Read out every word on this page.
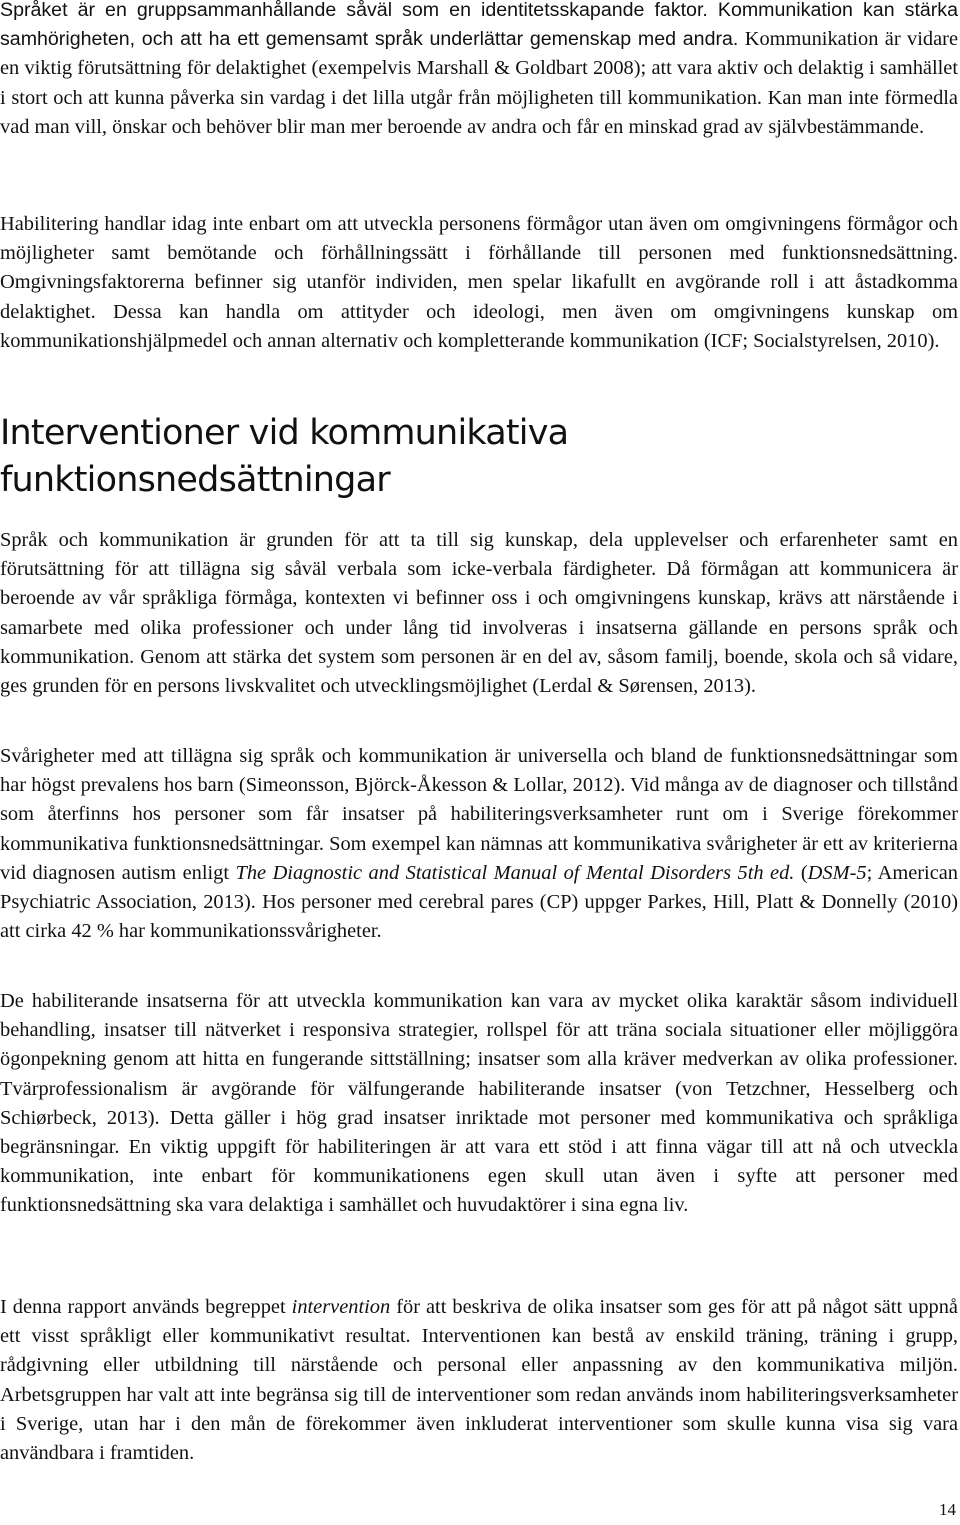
Språket är en gruppsammanhållande såväl som en identitetsskapande faktor. Kommunikation kan stärka samhörigheten, och att ha ett gemensamt språk underlättar gemenskap med andra. Kommunikation är vidare en viktig förutsättning för delaktighet (exempelvis Marshall & Goldbart 2008); att vara aktiv och delaktig i samhället i stort och att kunna påverka sin vardag i det lilla utgår från möjligheten till kommunikation. Kan man inte förmedla vad man vill, önskar och behöver blir man mer beroende av andra och får en minskad grad av självbestämmande.

Habilitering handlar idag inte enbart om att utveckla personens förmågor utan även om omgivningens förmågor och möjligheter samt bemötande och förhållningssätt i förhållande till personen med funktionsnedsättning. Omgivningsfaktorerna befinner sig utanför individen, men spelar likafullt en avgörande roll i att åstadkomma delaktighet. Dessa kan handla om attityder och ideologi, men även om omgivningens kunskap om kommunikationshjälpmedel och annan alternativ och kompletterande kommunikation (ICF; Socialstyrelsen, 2010).

Interventioner vid kommunikativa funktionsnedsättningar

Språk och kommunikation är grunden för att ta till sig kunskap, dela upplevelser och erfarenheter samt en förutsättning för att tillägna sig såväl verbala som icke-verbala färdigheter. Då förmågan att kommunicera är beroende av vår språkliga förmåga, kontexten vi befinner oss i och omgivningens kunskap, krävs att närstående i samarbete med olika professioner och under lång tid involveras i insatserna gällande en persons språk och kommunikation. Genom att stärka det system som personen är en del av, såsom familj, boende, skola och så vidare, ges grunden för en persons livskvalitet och utvecklingsmöjlighet (Lerdal & Sørensen, 2013).

Svårigheter med att tillägna sig språk och kommunikation är universella och bland de funktionsnedsättningar som har högst prevalens hos barn (Simeonsson, Björck-Åkesson & Lollar, 2012). Vid många av de diagnoser och tillstånd som återfinns hos personer som får insatser på habiliteringsverksamheter runt om i Sverige förekommer kommunikativa funktionsnedsättningar. Som exempel kan nämnas att kommunikativa svårigheter är ett av kriterierna vid diagnosen autism enligt The Diagnostic and Statistical Manual of Mental Disorders 5th ed. (DSM-5; American Psychiatric Association, 2013). Hos personer med cerebral pares (CP) uppger Parkes, Hill, Platt & Donnelly (2010) att cirka 42 % har kommunikationssvårigheter.

De habiliterande insatserna för att utveckla kommunikation kan vara av mycket olika karaktär såsom individuell behandling, insatser till nätverket i responsiva strategier, rollspel för att träna sociala situationer eller möjliggöra ögonpekning genom att hitta en fungerande sittställning; insatser som alla kräver medverkan av olika professioner. Tvärprofessionalism är avgörande för välfungerande habiliterande insatser (von Tetzchner, Hesselberg och Schiørbeck, 2013). Detta gäller i hög grad insatser inriktade mot personer med kommunikativa och språkliga begränsningar. En viktig uppgift för habiliteringen är att vara ett stöd i att finna vägar till att nå och utveckla kommunikation, inte enbart för kommunikationens egen skull utan även i syfte att personer med funktionsnedsättning ska vara delaktiga i samhället och huvudaktörer i sina egna liv.

I denna rapport används begreppet intervention för att beskriva de olika insatser som ges för att på något sätt uppnå ett visst språkligt eller kommunikativt resultat. Interventionen kan bestå av enskild träning, träning i grupp, rådgivning eller utbildning till närstående och personal eller anpassning av den kommunikativa miljön. Arbetsgruppen har valt att inte begränsa sig till de interventioner som redan används inom habiliteringsverksamheter i Sverige, utan har i den mån de förekommer även inkluderat interventioner som skulle kunna visa sig vara användbara i framtiden.

14
